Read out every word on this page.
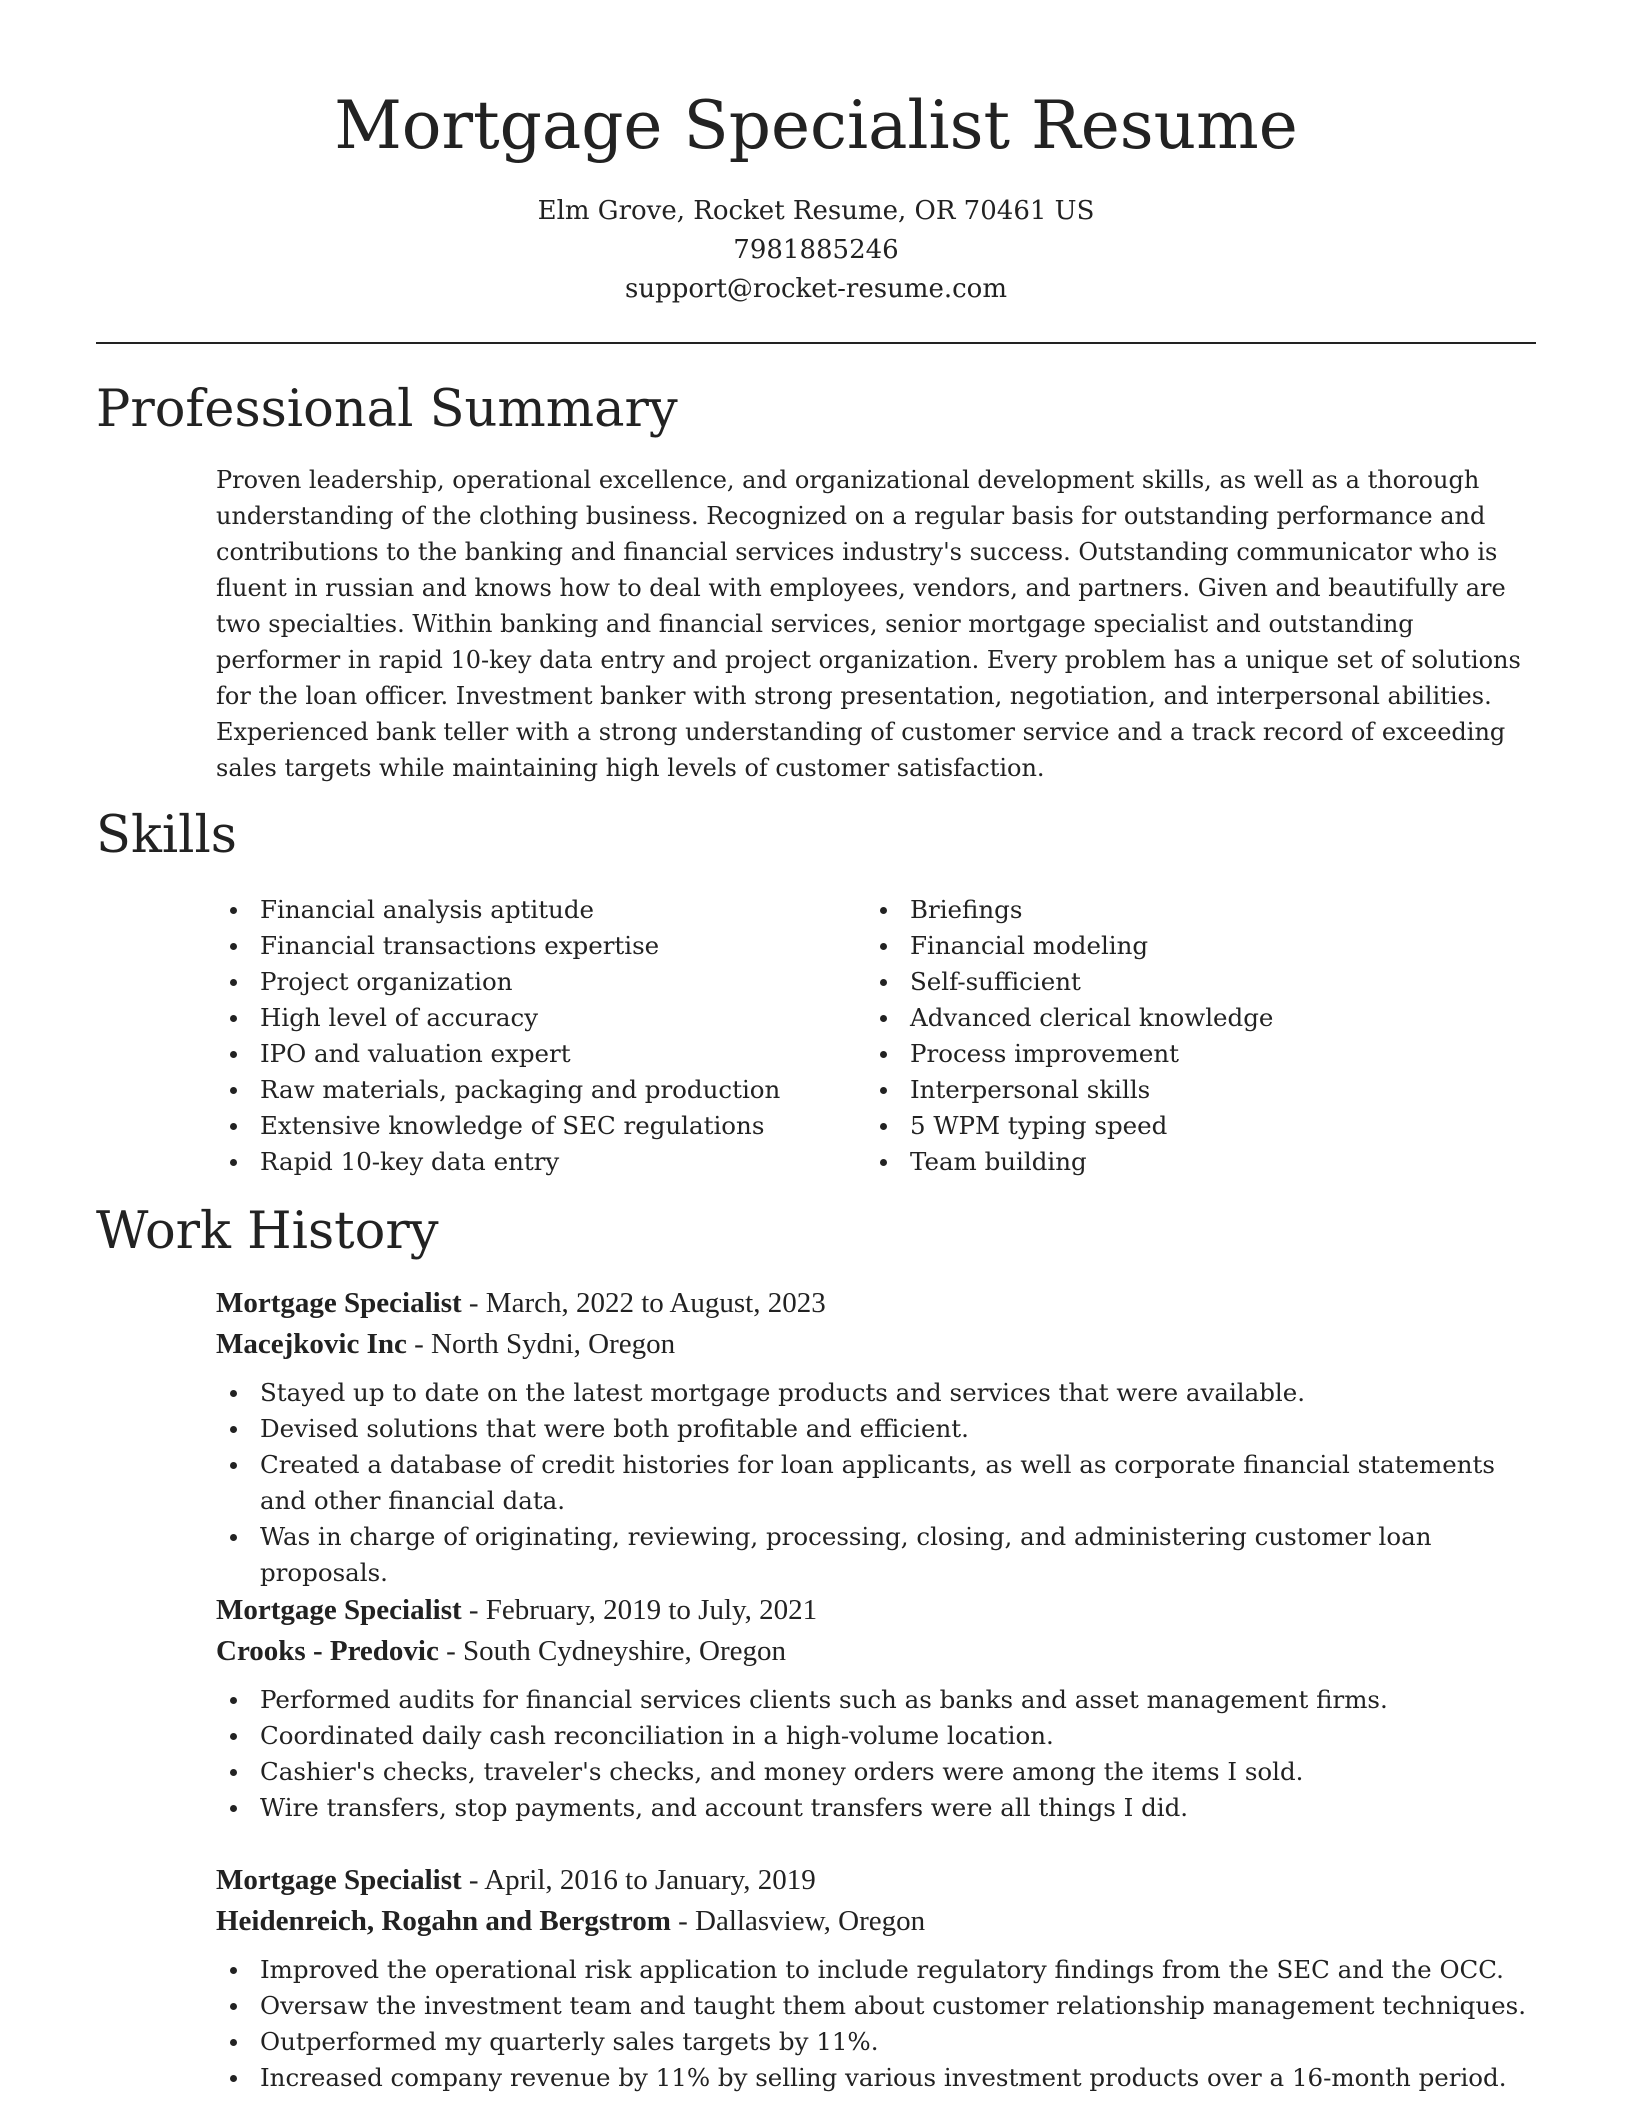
Mortgage Specialist Resume
Elm Grove, Rocket Resume, OR 70461 US
7981885246
support@rocket-resume.com
Professional Summary
Proven leadership, operational excellence, and organizational development skills, as well as a thorough understanding of the clothing business. Recognized on a regular basis for outstanding performance and contributions to the banking and financial services industry's success. Outstanding communicator who is fluent in russian and knows how to deal with employees, vendors, and partners. Given and beautifully are two specialties. Within banking and financial services, senior mortgage specialist and outstanding performer in rapid 10-key data entry and project organization. Every problem has a unique set of solutions for the loan officer. Investment banker with strong presentation, negotiation, and interpersonal abilities. Experienced bank teller with a strong understanding of customer service and a track record of exceeding sales targets while maintaining high levels of customer satisfaction.
Skills
Financial analysis aptitude
Financial transactions expertise
Project organization
High level of accuracy
IPO and valuation expert
Raw materials, packaging and production
Extensive knowledge of SEC regulations
Rapid 10-key data entry
Briefings
Financial modeling
Self-sufficient
Advanced clerical knowledge
Process improvement
Interpersonal skills
5 WPM typing speed
Team building
Work History
Mortgage Specialist - March, 2022 to August, 2023
Macejkovic Inc - North Sydni, Oregon
Stayed up to date on the latest mortgage products and services that were available.
Devised solutions that were both profitable and efficient.
Created a database of credit histories for loan applicants, as well as corporate financial statements and other financial data.
Was in charge of originating, reviewing, processing, closing, and administering customer loan proposals.
Mortgage Specialist - February, 2019 to July, 2021
Crooks - Predovic - South Cydneyshire, Oregon
Performed audits for financial services clients such as banks and asset management firms.
Coordinated daily cash reconciliation in a high-volume location.
Cashier's checks, traveler's checks, and money orders were among the items I sold.
Wire transfers, stop payments, and account transfers were all things I did.
Mortgage Specialist - April, 2016 to January, 2019
Heidenreich, Rogahn and Bergstrom - Dallasview, Oregon
Improved the operational risk application to include regulatory findings from the SEC and the OCC.
Oversaw the investment team and taught them about customer relationship management techniques.
Outperformed my quarterly sales targets by 11%.
Increased company revenue by 11% by selling various investment products over a 16-month period.
